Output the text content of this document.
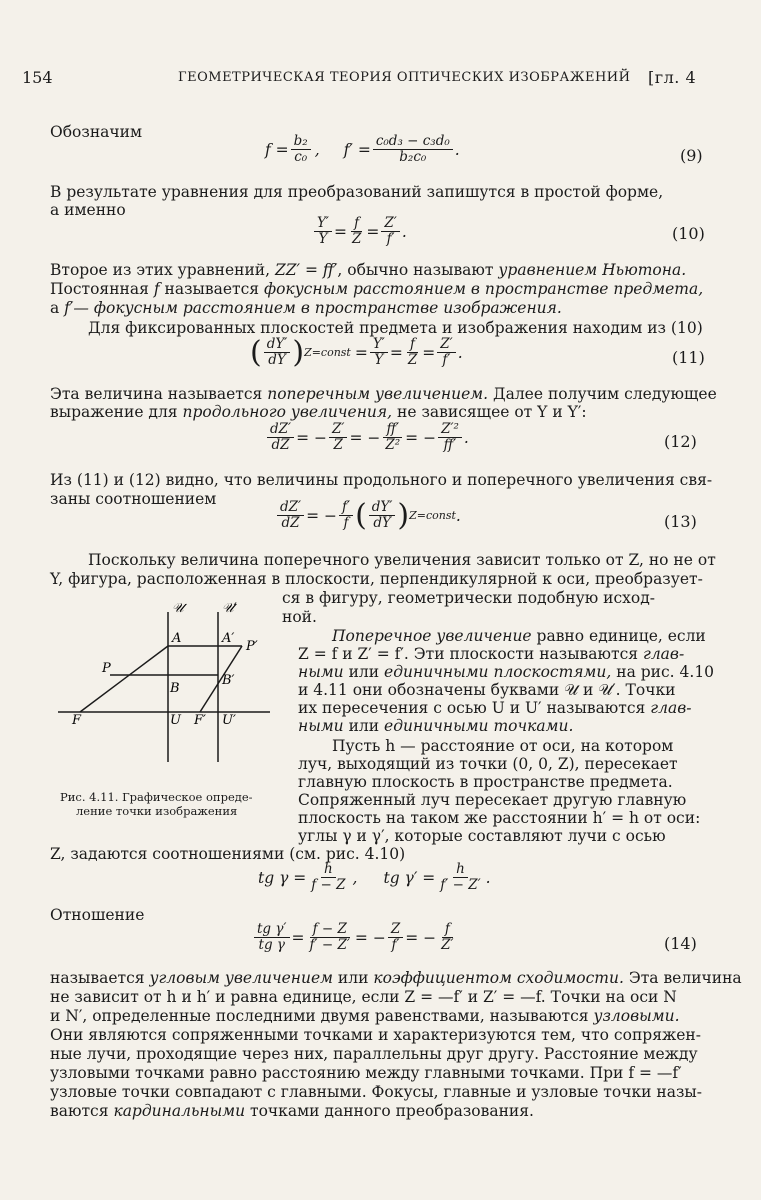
154	ГЕОМЕТРИЧЕСКАЯ ТЕОРИЯ ОПТИЧЕСКИХ ИЗОБРАЖЕНИЙ [гл. 4
Обозначим
$f = \frac{\text{b₂}}{\text{c₀}}$ , $f' = \frac{\text{c₀d₃ − c₃d₀}}{\text{b₂c₀}}$ .	(9)
В результате уравнения для преобразований запишутся в простой форме,
а именно
$\frac{Y'}{Y} = \frac{f}{Z} = \frac{Z'}{f'}$ .	(10)
Второе из этих уравнений, ZZ′ = ff′, обычно называют уравнением Ньютона.
Постоянная f называется фокусным расстоянием в пространстве предмета,
а f′— фокусным расстоянием в пространстве изображения.
Для фиксированных плоскостей предмета и изображения находим из (10)
( $\frac{dY'}{dY}$ ) Z=const = $\frac{Y'}{Y} = \frac{f}{Z} = \frac{Z'}{f'}$ .	(11)
Эта величина называется поперечным увеличением. Далее получим следующее
выражение для продольного увеличения, не зависящее от Y и Y′:
$\frac{dZ'}{dZ}$ = − $\frac{Z'}{Z}$ = − $\frac{ff'}{\text{Z²}}$ = − $\frac{\text{Z′²}}{ff'}$ .	(12)
Из (11) и (12) видно, что величины продольного и поперечного увеличения свя-
заны соотношением
$\frac{dZ'}{dZ}$ = − $\frac{f'}{f}$ ( $\frac{dY'}{dY}$ ) Z=const .	(13)
Поскольку величина поперечного увеличения зависит только от Z, но не от
Y, фигура, расположенная в плоскости, перпендикулярной к оси, преобразует-
ся в фигуру, геометрически подобную исход-
ной.
𝒰	𝒰′
A	A′
P′
P
B
B′
F	U F′ U′
Рис. 4.11. Графическое опреде-
ление точки изображения
Поперечное увеличение равно единице, если
Z = f и Z′ = f′. Эти плоскости называются глав-
ными или единичными плоскостями, на рис. 4.10
и 4.11 они обозначены буквами 𝒰 и 𝒰′. Точки
их пересечения с осью U и U′ называются глав-
ными или единичными точками.
Пусть h — расстояние от оси, на котором
луч, выходящий из точки (0, 0, Z), пересекает
главную плоскость в пространстве предмета.
Сопряженный луч пересекает другую главную
плоскость на таком же расстоянии h′ = h от оси:
углы γ и γ′, которые составляют лучи с осью
Z, задаются соотношениями (см. рис. 4.10)
tg $\gamma = \frac{h}{f - Z}$ , tg $\gamma' = \frac{h}{f' - Z'}$ .
Отношение
$\frac{\text{tg γ′}}{\text{tg γ}} = \frac{f - Z}{f' - Z'}$ = − $\frac{Z}{f'}$ = − $\frac{f}{Z'}$	(14)
называется угловым увеличением или коэффициентом сходимости. Эта величина
не зависит от h и h′ и равна единице, если Z = —f′ и Z′ = —f. Точки на оси N
и N′, определенные последними двумя равенствами, называются узловыми.
Они являются сопряженными точками и характеризуются тем, что сопряжен-
ные лучи, проходящие через них, параллельны друг другу. Расстояние между
узловыми точками равно расстоянию между главными точками. При f = —f′
узловые точки совпадают с главными. Фокусы, главные и узловые точки назы-
ваются кардинальными точками данного преобразования.
